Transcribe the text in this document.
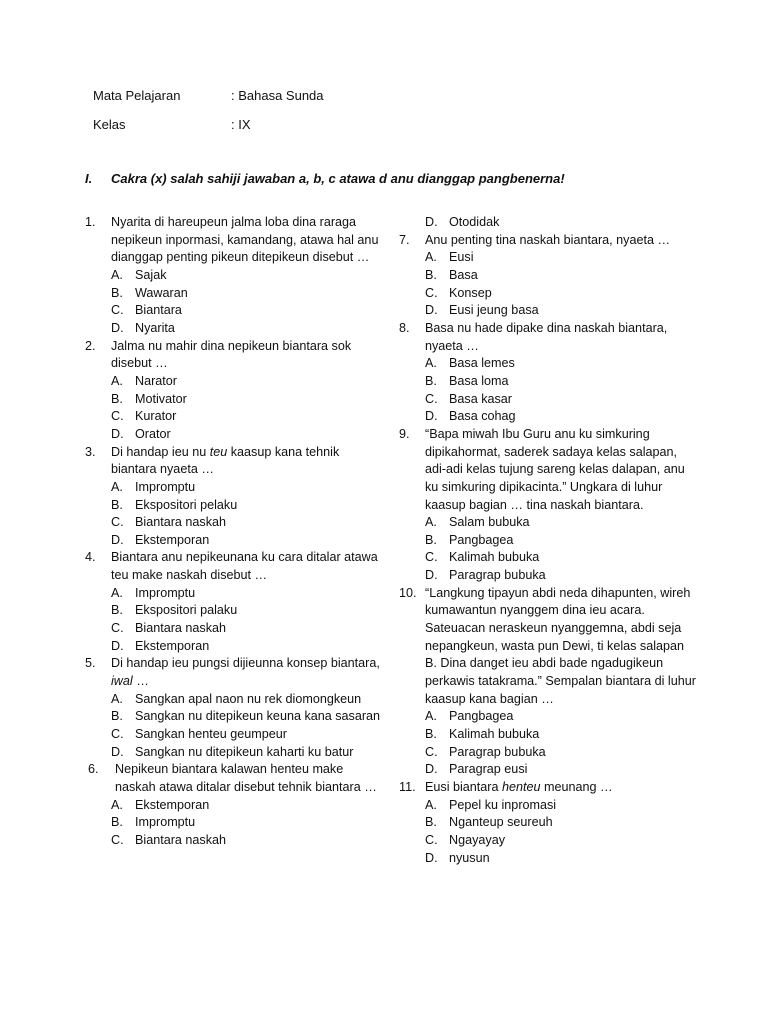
Mata Pelajaran	: Bahasa Sunda
Kelas	: IX
I. Cakra (x) salah sahiji jawaban a, b, c atawa d anu dianggap pangbenerna!
1. Nyarita di hareupeun jalma loba dina raraga nepikeun inpormasi, kamandang, atawa hal anu dianggap penting pikeun ditepikeun disebut …
A. Sajak
B. Wawaran
C. Biantara
D. Nyarita
2. Jalma nu mahir dina nepikeun biantara sok disebut …
A. Narator
B. Motivator
C. Kurator
D. Orator
3. Di handap ieu nu teu kaasup kana tehnik biantara nyaeta …
A. Impromptu
B. Ekspositori pelaku
C. Biantara naskah
D. Ekstemporan
4. Biantara anu nepikeunana ku cara ditalar atawa teu make naskah disebut …
A. Impromptu
B. Ekspositori palaku
C. Biantara naskah
D. Ekstemporan
5. Di handap ieu pungsi dijieunna konsep biantara, iwal …
A. Sangkan apal naon nu rek diomongkeun
B. Sangkan nu ditepikeun keuna kana sasaran
C. Sangkan henteu geumpeur
D. Sangkan nu ditepikeun kaharti ku batur
6. Nepikeun biantara kalawan henteu make naskah atawa ditalar disebut tehnik biantara …
A. Ekstemporan
B. Impromptu
C. Biantara naskah
D. Otodidak
7. Anu penting tina naskah biantara, nyaeta …
A. Eusi
B. Basa
C. Konsep
D. Eusi jeung basa
8. Basa nu hade dipake dina naskah biantara, nyaeta …
A. Basa lemes
B. Basa loma
C. Basa kasar
D. Basa cohag
9. “Bapa miwah Ibu Guru anu ku simkuring dipikahormat, saderek sadaya kelas salapan, adi-adi kelas tujung sareng kelas dalapan, anu ku simkuring dipikacinta.” Ungkara di luhur kaasup bagian … tina naskah biantara.
A. Salam bubuka
B. Pangbagea
C. Kalimah bubuka
D. Paragrap bubuka
10. “Langkung tipayun abdi neda dihapunten, wireh kumawantun nyanggem dina ieu acara. Sateuacan neraskeun nyanggemna, abdi seja nepangkeun, wasta pun Dewi, ti kelas salapan B. Dina danget ieu abdi bade ngadugikeun perkawis tatakrama.” Sempalan biantara di luhur kaasup kana bagian …
A. Pangbagea
B. Kalimah bubuka
C. Paragrap bubuka
D. Paragrap eusi
11. Eusi biantara henteu meunang …
A. Pepel ku inpromasi
B. Nganteup seureuh
C. Ngayayay
D. nyusun
